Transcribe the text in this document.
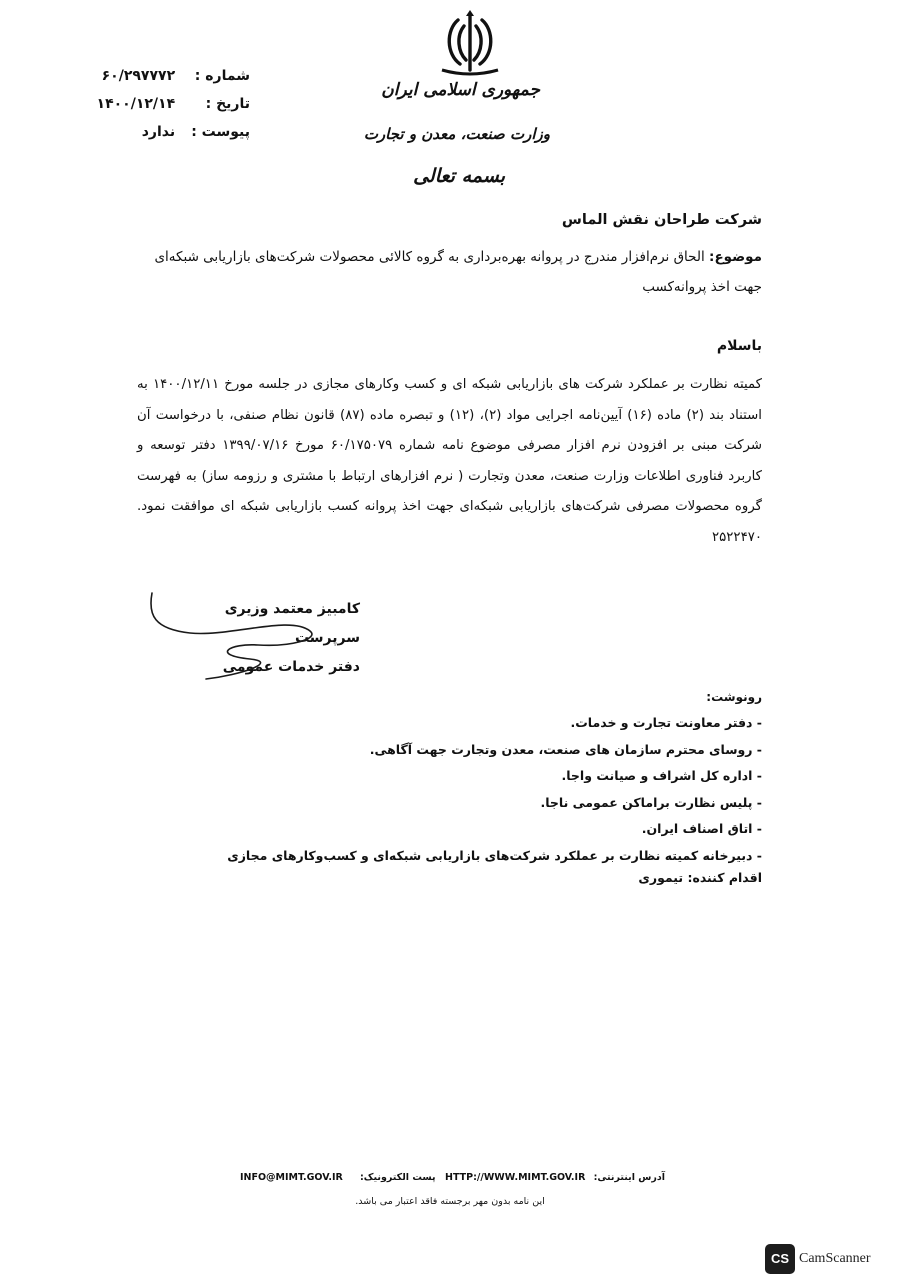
جمهوری اسلامی ایران
وزارت صنعت، معدن و تجارت
بسمه تعالی
شماره : ۶۰/۲۹۷۷۷۲
تاریخ : ۱۴۰۰/۱۲/۱۴
پیوست : ندارد
شرکت طراحان نقش الماس
موضوع: الحاق نرم‌افزار مندرج در پروانه بهره‌برداری به گروه کالائی محصولات شرکت‌های بازاریابی شبکه‌ای جهت اخذ پروانه‌کسب
باسلام
کمیته نظارت بر عملکرد شرکت های بازاریابی شبکه ای و کسب وکارهای مجازی در جلسه مورخ ۱۴۰۰/۱۲/۱۱ به استناد بند (۲) ماده (۱۶) آیین‌نامه اجرایی مواد (۲)، (۱۲) و تبصره ماده (۸۷) قانون نظام صنفی، با درخواست آن شرکت مبنی بر افزودن نرم افزار مصرفی موضوع نامه شماره ۶۰/۱۷۵۰۷۹ مورخ ۱۳۹۹/۰۷/۱۶ دفتر توسعه و کاربرد فناوری اطلاعات وزارت صنعت، معدن وتجارت ( نرم افزارهای ارتباط با مشتری و رزومه ساز) به فهرست گروه محصولات مصرفی شرکت‌های بازاریابی شبکه‌ای جهت اخذ پروانه کسب بازاریابی شبکه ای موافقت نمود. ۲۵۲۲۴۷۰
کامبیز معتمد وزیری
سرپرست
دفتر خدمات عمومی
رونوشت:
- دفتر معاونت تجارت و خدمات.
- روسای محترم سازمان های صنعت، معدن وتجارت جهت آگاهی.
- اداره کل اشراف و صیانت واجا.
- پلیس نظارت براماکن عمومی ناجا.
- اتاق اصناف ایران.
- دبیرخانه کمیته نظارت بر عملکرد شرکت‌های بازاریابی شبکه‌ای و کسب‌وکارهای مجازی
اقدام کننده: تیموری
آدرس اینترنتی:
HTTP://WWW.MIMT.GOV.IR
پست الکترونیک:
INFO@MIMT.GOV.IR
این نامه بدون مهر برجسته فاقد اعتبار می باشد.
CS CamScanner
